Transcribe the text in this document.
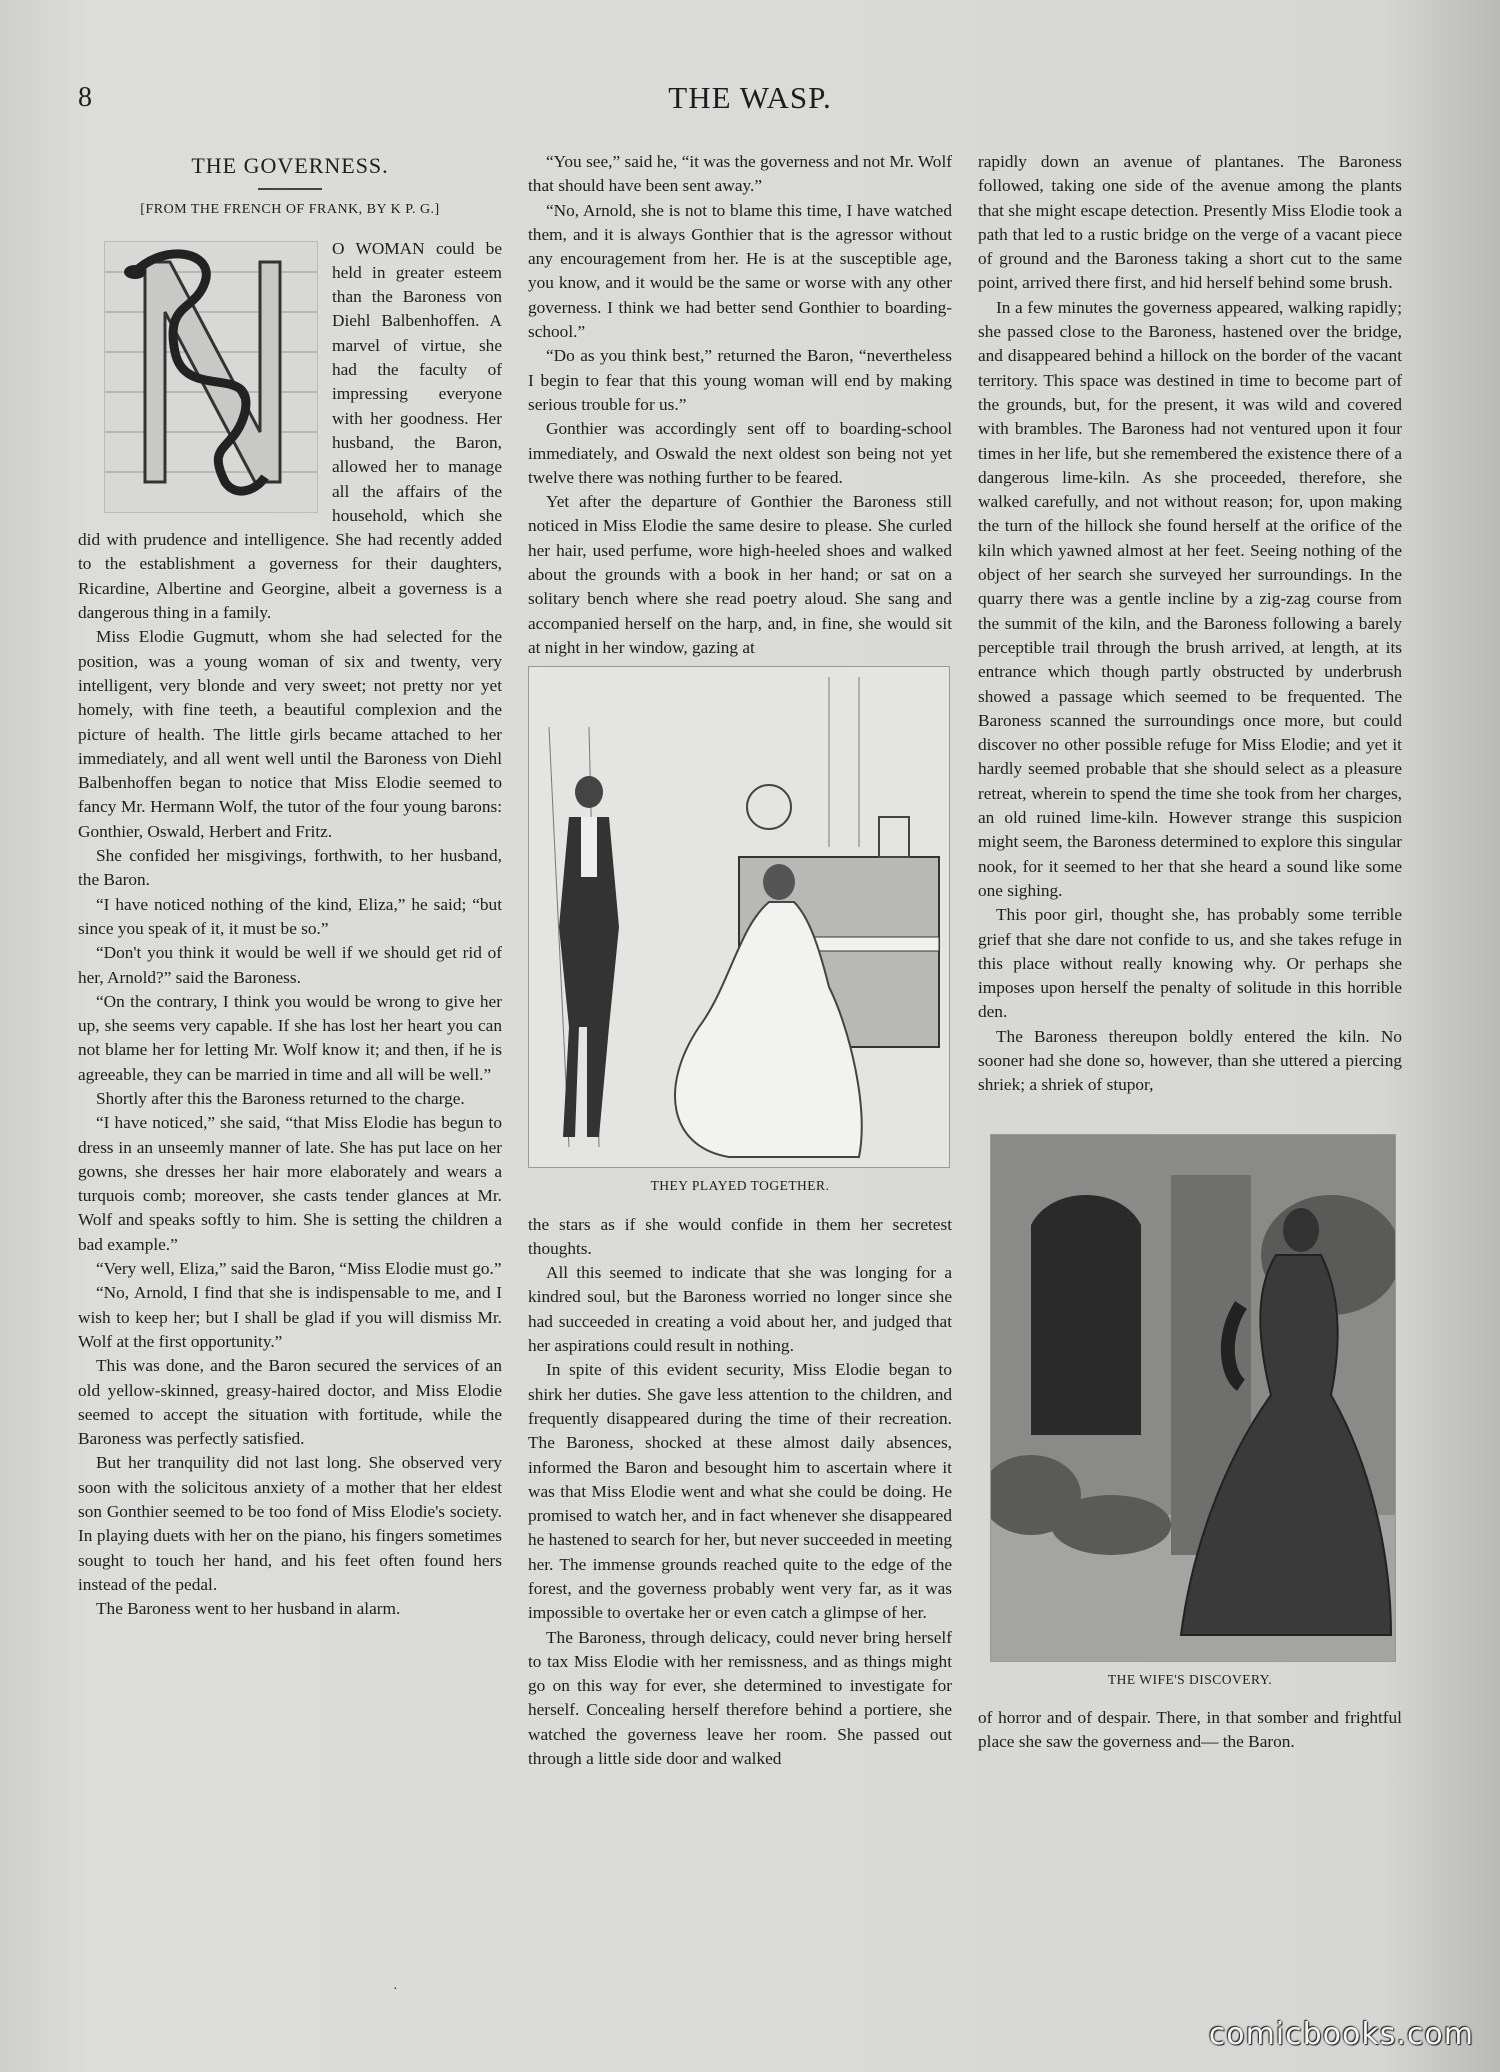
8	THE WASP.
THE GOVERNESS.
[FROM THE FRENCH OF FRANK, BY K P. G.]

O WOMAN could be held in greater esteem than the Baroness von Diehl Balbenhoffen. A marvel of virtue, she had the faculty of impressing everyone with her goodness. Her husband, the Baron, allowed her to manage all the affairs of the household, which she did with prudence and intelligence. She had recently added to the establishment a governess for their daughters, Ricardine, Albertine and Georgine, albeit a governess is a dangerous thing in a family.

Miss Elodie Gugmutt, whom she had selected for the position, was a young woman of six and twenty, very intelligent, very blonde and very sweet; not pretty nor yet homely, with fine teeth, a beautiful complexion and the picture of health. The little girls became attached to her immediately, and all went well until the Baroness von Diehl Balbenhoffen began to notice that Miss Elodie seemed to fancy Mr. Hermann Wolf, the tutor of the four young barons: Gonthier, Oswald, Herbert and Fritz.

She confided her misgivings, forthwith, to her husband, the Baron.

“I have noticed nothing of the kind, Eliza,” he said; “but since you speak of it, it must be so.”

“Don't you think it would be well if we should get rid of her, Arnold?” said the Baroness.

“On the contrary, I think you would be wrong to give her up, she seems very capable. If she has lost her heart you can not blame her for letting Mr. Wolf know it; and then, if he is agreeable, they can be married in time and all will be well.”

Shortly after this the Baroness returned to the charge.

“I have noticed,” she said, “that Miss Elodie has begun to dress in an unseemly manner of late. She has put lace on her gowns, she dresses her hair more elaborately and wears a turquois comb; moreover, she casts tender glances at Mr. Wolf and speaks softly to him. She is setting the children a bad example.”

“Very well, Eliza,” said the Baron, “Miss Elodie must go.”

“No, Arnold, I find that she is indispensable to me, and I wish to keep her; but I shall be glad if you will dismiss Mr. Wolf at the first opportunity.”

This was done, and the Baron secured the services of an old yellow-skinned, greasy-haired doctor, and Miss Elodie seemed to accept the situation with fortitude, while the Baroness was perfectly satisfied.

But her tranquility did not last long. She observed very soon with the solicitous anxiety of a mother that her eldest son Gonthier seemed to be too fond of Miss Elodie's society. In playing duets with her on the piano, his fingers sometimes sought to touch her hand, and his feet often found hers instead of the pedal.

The Baroness went to her husband in alarm.

“You see,” said he, “it was the governess and not Mr. Wolf that should have been sent away.”

“No, Arnold, she is not to blame this time, I have watched them, and it is always Gonthier that is the agressor without any encouragement from her. He is at the susceptible age, you know, and it would be the same or worse with any other governess. I think we had better send Gonthier to boarding-school.”

“Do as you think best,” returned the Baron, “nevertheless I begin to fear that this young woman will end by making serious trouble for us.”

Gonthier was accordingly sent off to boarding-school immediately, and Oswald the next oldest son being not yet twelve there was nothing further to be feared.

Yet after the departure of Gonthier the Baroness still noticed in Miss Elodie the same desire to please. She curled her hair, used perfume, wore high-heeled shoes and walked about the grounds with a book in her hand; or sat on a solitary bench where she read poetry aloud. She sang and accompanied herself on the harp, and, in fine, she would sit at night in her window, gazing at

THEY PLAYED TOGETHER.

the stars as if she would confide in them her secretest thoughts.

All this seemed to indicate that she was longing for a kindred soul, but the Baroness worried no longer since she had succeeded in creating a void about her, and judged that her aspirations could result in nothing.

In spite of this evident security, Miss Elodie began to shirk her duties. She gave less attention to the children, and frequently disappeared during the time of their recreation. The Baroness, shocked at these almost daily absences, informed the Baron and besought him to ascertain where it was that Miss Elodie went and what she could be doing. He promised to watch her, and in fact whenever she disappeared he hastened to search for her, but never succeeded in meeting her. The immense grounds reached quite to the edge of the forest, and the governess probably went very far, as it was impossible to overtake her or even catch a glimpse of her.

The Baroness, through delicacy, could never bring herself to tax Miss Elodie with her remissness, and as things might go on this way for ever, she determined to investigate for herself. Concealing herself therefore behind a portiere, she watched the governess leave her room. She passed out through a little side door and walked

rapidly down an avenue of plantanes. The Baroness followed, taking one side of the avenue among the plants that she might escape detection. Presently Miss Elodie took a path that led to a rustic bridge on the verge of a vacant piece of ground and the Baroness taking a short cut to the same point, arrived there first, and hid herself behind some brush.

In a few minutes the governess appeared, walking rapidly; she passed close to the Baroness, hastened over the bridge, and disappeared behind a hillock on the border of the vacant territory. This space was destined in time to become part of the grounds, but, for the present, it was wild and covered with brambles. The Baroness had not ventured upon it four times in her life, but she remembered the existence there of a dangerous lime-kiln. As she proceeded, therefore, she walked carefully, and not without reason; for, upon making the turn of the hillock she found herself at the orifice of the kiln which yawned almost at her feet. Seeing nothing of the object of her search she surveyed her surroundings. In the quarry there was a gentle incline by a zig-zag course from the summit of the kiln, and the Baroness following a barely perceptible trail through the brush arrived, at length, at its entrance which though partly obstructed by underbrush showed a passage which seemed to be frequented. The Baroness scanned the surroundings once more, but could discover no other possible refuge for Miss Elodie; and yet it hardly seemed probable that she should select as a pleasure retreat, wherein to spend the time she took from her charges, an old ruined lime-kiln. However strange this suspicion might seem, the Baroness determined to explore this singular nook, for it seemed to her that she heard a sound like some one sighing.

This poor girl, thought she, has probably some terrible grief that she dare not confide to us, and she takes refuge in this place without really knowing why. Or perhaps she imposes upon herself the penalty of solitude in this horrible den.

The Baroness thereupon boldly entered the kiln. No sooner had she done so, however, than she uttered a piercing shriek; a shriek of stupor,

THE WIFE'S DISCOVERY.

of horror and of despair. There, in that somber and frightful place she saw the governess and— the Baron.

·
comicbooks.com
